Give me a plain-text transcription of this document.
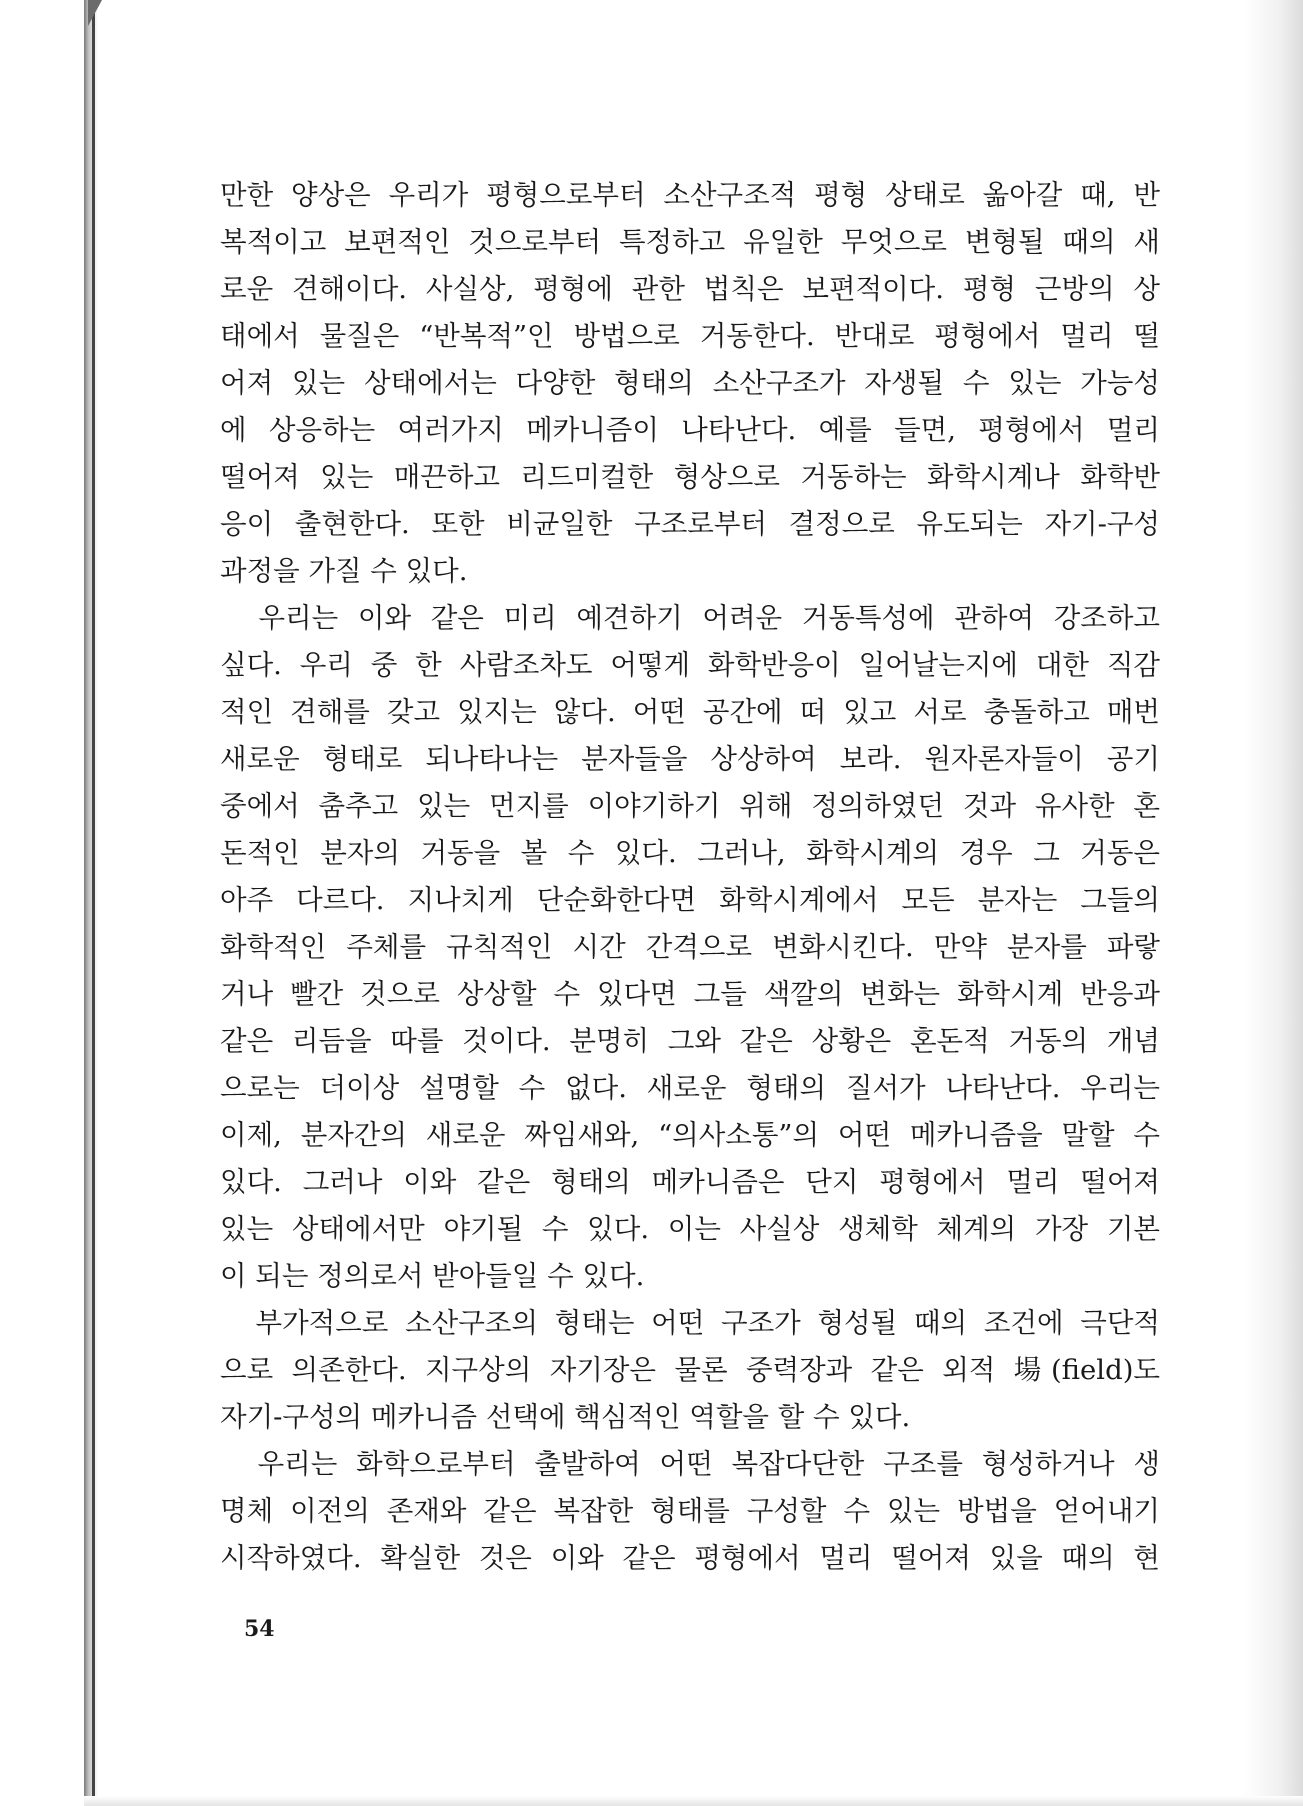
만한 양상은 우리가 평형으로부터 소산구조적 평형 상태로 옮아갈 때, 반
복적이고 보편적인 것으로부터 특정하고 유일한 무엇으로 변형될 때의 새
로운 견해이다. 사실상, 평형에 관한 법칙은 보편적이다. 평형 근방의 상
태에서 물질은 “반복적”인 방법으로 거동한다. 반대로 평형에서 멀리 떨
어져 있는 상태에서는 다양한 형태의 소산구조가 자생될 수 있는 가능성
에 상응하는 여러가지 메카니즘이 나타난다. 예를 들면, 평형에서 멀리
떨어져 있는 매끈하고 리드미컬한 형상으로 거동하는 화학시계나 화학반
응이 출현한다. 또한 비균일한 구조로부터 결정으로 유도되는 자기-구성
과정을 가질 수 있다.
　우리는 이와 같은 미리 예견하기 어려운 거동특성에 관하여 강조하고
싶다. 우리 중 한 사람조차도 어떻게 화학반응이 일어날는지에 대한 직감
적인 견해를 갖고 있지는 않다. 어떤 공간에 떠 있고 서로 충돌하고 매번
새로운 형태로 되나타나는 분자들을 상상하여 보라. 원자론자들이 공기
중에서 춤추고 있는 먼지를 이야기하기 위해 정의하였던 것과 유사한 혼
돈적인 분자의 거동을 볼 수 있다. 그러나, 화학시계의 경우 그 거동은
아주 다르다. 지나치게 단순화한다면 화학시계에서 모든 분자는 그들의
화학적인 주체를 규칙적인 시간 간격으로 변화시킨다. 만약 분자를 파랗
거나 빨간 것으로 상상할 수 있다면 그들 색깔의 변화는 화학시계 반응과
같은 리듬을 따를 것이다. 분명히 그와 같은 상황은 혼돈적 거동의 개념
으로는 더이상 설명할 수 없다. 새로운 형태의 질서가 나타난다. 우리는
이제, 분자간의 새로운 짜임새와, “의사소통”의 어떤 메카니즘을 말할 수
있다. 그러나 이와 같은 형태의 메카니즘은 단지 평형에서 멀리 떨어져
있는 상태에서만 야기될 수 있다. 이는 사실상 생체학 체계의 가장 기본
이 되는 정의로서 받아들일 수 있다.
　부가적으로 소산구조의 형태는 어떤 구조가 형성될 때의 조건에 극단적
으로 의존한다. 지구상의 자기장은 물론 중력장과 같은 외적 場(field)도
자기-구성의 메카니즘 선택에 핵심적인 역할을 할 수 있다.
　우리는 화학으로부터 출발하여 어떤 복잡다단한 구조를 형성하거나 생
명체 이전의 존재와 같은 복잡한 형태를 구성할 수 있는 방법을 얻어내기
시작하였다. 확실한 것은 이와 같은 평형에서 멀리 떨어져 있을 때의 현
54
